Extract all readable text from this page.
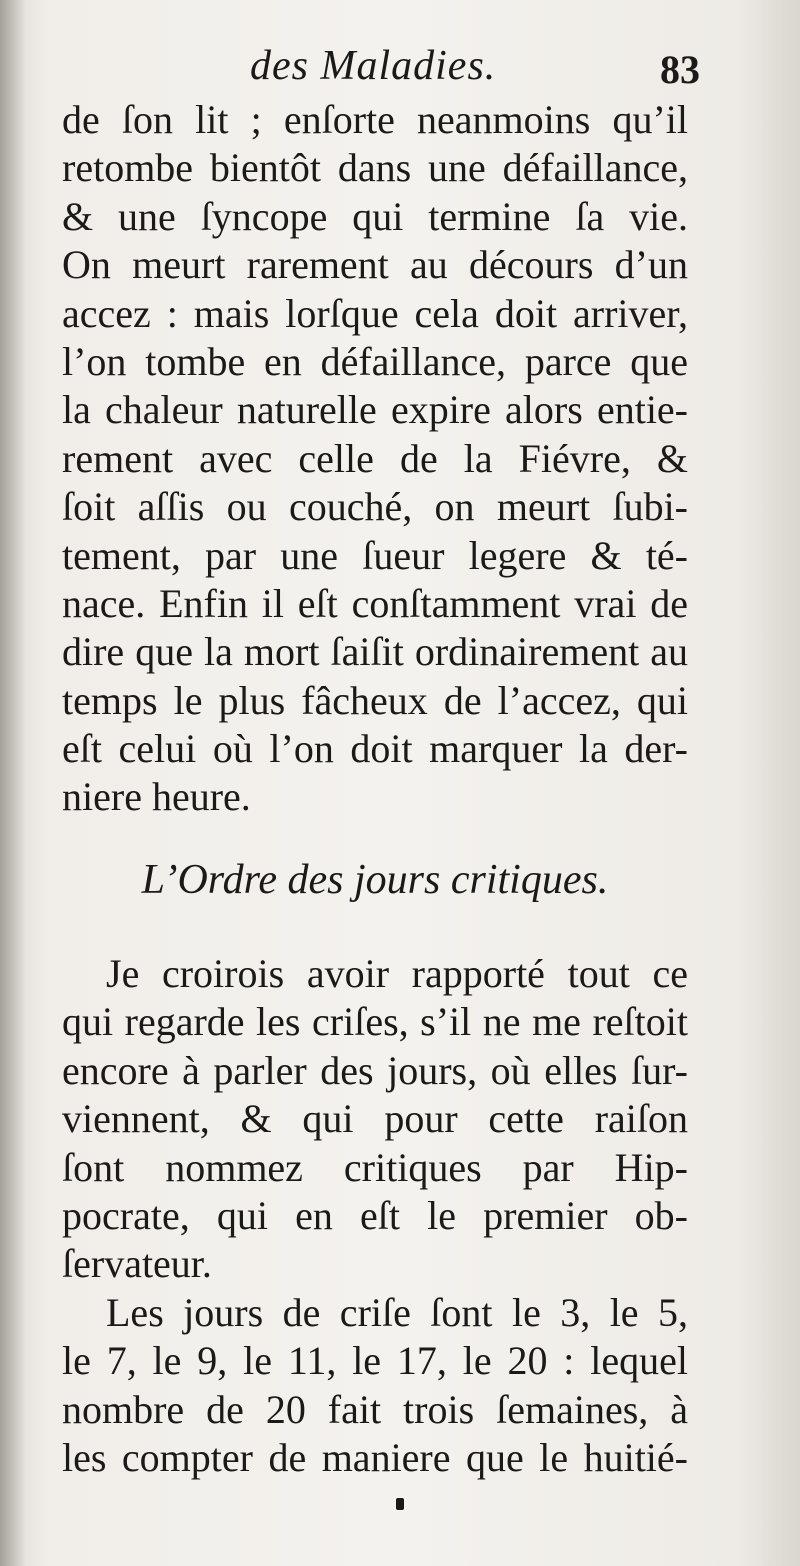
des Maladies.	83
de ſon lit ; enſorte neanmoins qu’il
retombe bientôt dans une défaillance,
& une ſyncope qui termine ſa vie.
On meurt rarement au décours d’un
accez : mais lorſque cela doit arriver,
l’on tombe en défaillance, parce que
la chaleur naturelle expire alors entie-
rement avec celle de la Fiévre, &
ſoit aſſis ou couché, on meurt ſubi-
tement, par une ſueur legere & té-
nace. Enfin il eſt conſtamment vrai de
dire que la mort ſaiſit ordinairement au
temps le plus fâcheux de l’accez, qui
eſt celui où l’on doit marquer la der-
niere heure.
L’Ordre des jours critiques.
Je croirois avoir rapporté tout ce
qui regarde les criſes, s’il ne me reſtoit
encore à parler des jours, où elles ſur-
viennent, & qui pour cette raiſon
ſont nommez critiques par Hip-
pocrate, qui en eſt le premier ob-
ſervateur.
Les jours de criſe ſont le 3, le 5,
le 7, le 9, le 11, le 17, le 20 : lequel
nombre de 20 fait trois ſemaines, à
les compter de maniere que le huitié-
